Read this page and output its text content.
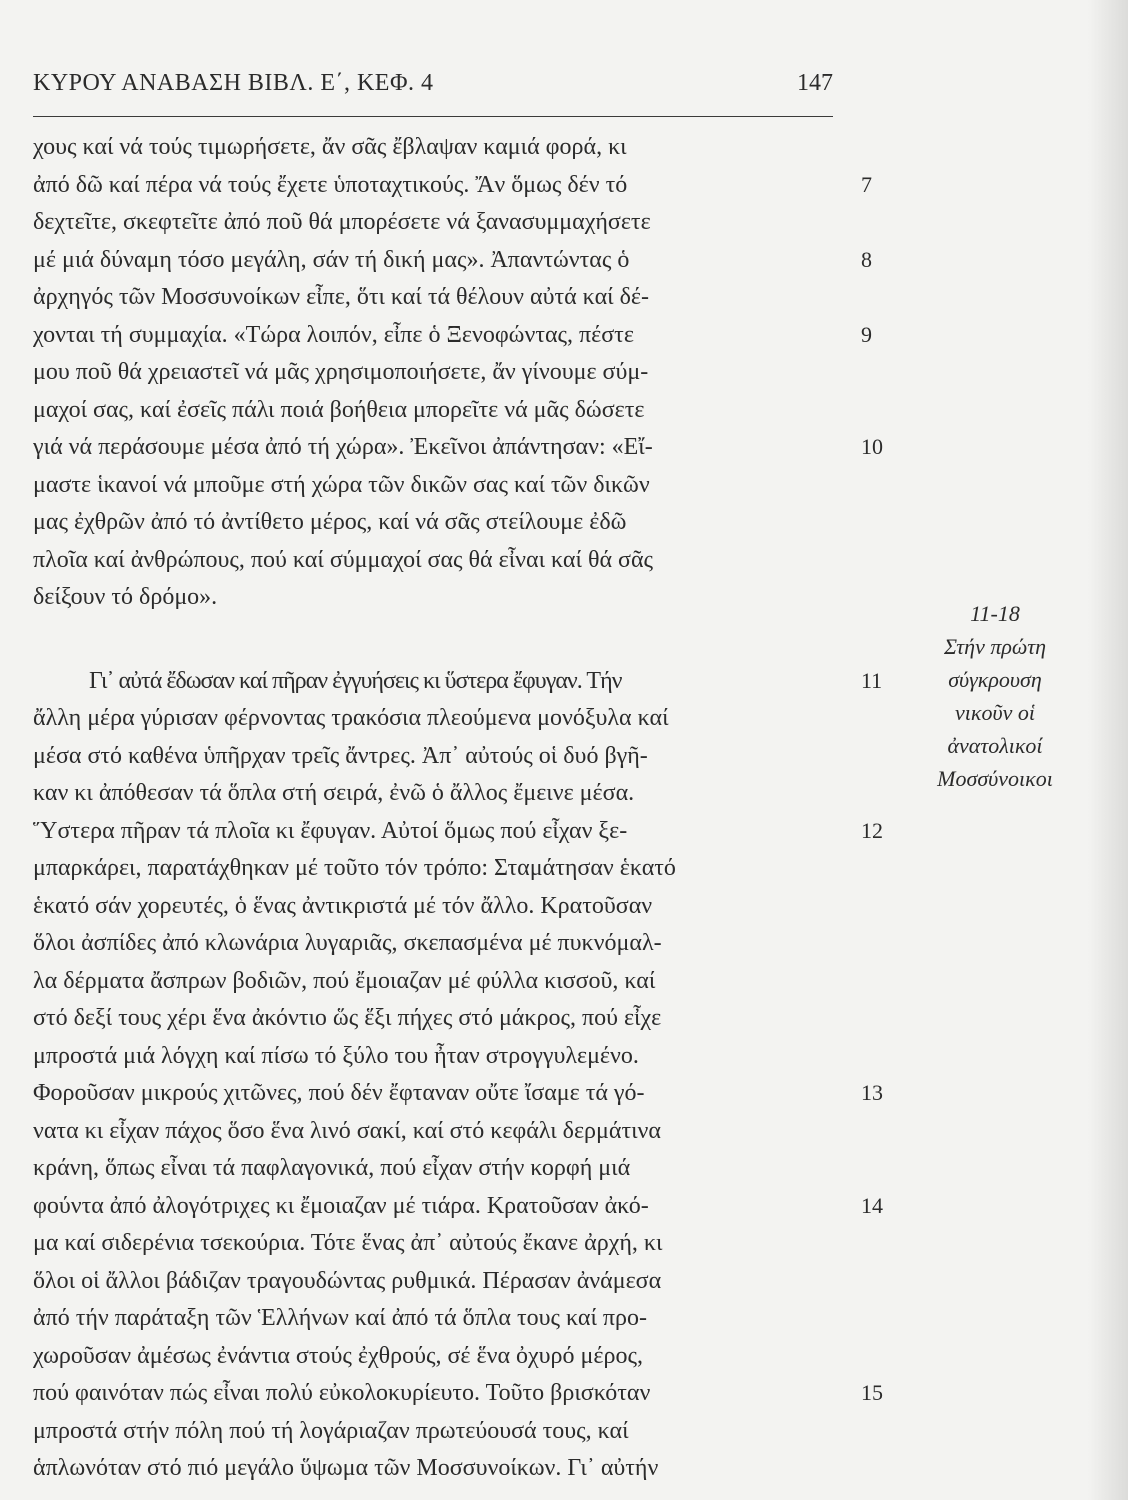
ΚΥΡΟΥ ΑΝΑΒΑΣΗ ΒΙΒΛ. Ε΄, ΚΕΦ. 4	147
χους καί νά τούς τιμωρήσετε, ἄν σᾶς ἔβλαψαν καμιά φορά, κι
ἀπό δῶ καί πέρα νά τούς ἔχετε ὑποταχτικούς. Ἄν ὅμως δέν τό
δεχτεῖτε, σκεφτεῖτε ἀπό ποῦ θά μπορέσετε νά ξανασυμμαχήσετε
μέ μιά δύναμη τόσο μεγάλη, σάν τή δική μας». Ἀπαντώντας ὁ
ἀρχηγός τῶν Μοσσυνοίκων εἶπε, ὅτι καί τά θέλουν αὐτά καί δέ-
χονται τή συμμαχία. «Τώρα λοιπόν, εἶπε ὁ Ξενοφώντας, πέστε
μου ποῦ θά χρειαστεῖ νά μᾶς χρησιμοποιήσετε, ἄν γίνουμε σύμ-
μαχοί σας, καί ἐσεῖς πάλι ποιά βοήθεια μπορεῖτε νά μᾶς δώσετε
γιά νά περάσουμε μέσα ἀπό τή χώρα». Ἐκεῖνοι ἀπάντησαν: «Εἴ-
μαστε ἱκανοί νά μποῦμε στή χώρα τῶν δικῶν σας καί τῶν δικῶν
μας ἐχθρῶν ἀπό τό ἀντίθετο μέρος, καί νά σᾶς στείλουμε ἐδῶ
πλοῖα καί ἀνθρώπους, πού καί σύμμαχοί σας θά εἶναι καί θά σᾶς
δείξουν τό δρόμο».
Γι᾿ αὐτά ἔδωσαν καί πῆραν ἐγγυήσεις κι ὕστερα ἔφυγαν. Τήν
ἄλλη μέρα γύρισαν φέρνοντας τρακόσια πλεούμενα μονόξυλα καί
μέσα στό καθένα ὑπῆρχαν τρεῖς ἄντρες. Ἀπ᾿ αὐτούς οἱ δυό βγῆ-
καν κι ἀπόθεσαν τά ὅπλα στή σειρά, ἐνῶ ὁ ἄλλος ἔμεινε μέσα.
Ὕστερα πῆραν τά πλοῖα κι ἔφυγαν. Αὐτοί ὅμως πού εἶχαν ξε-
μπαρκάρει, παρατάχθηκαν μέ τοῦτο τόν τρόπο: Σταμάτησαν ἑκατό
ἑκατό σάν χορευτές, ὁ ἕνας ἀντικριστά μέ τόν ἄλλο. Κρατοῦσαν
ὅλοι ἀσπίδες ἀπό κλωνάρια λυγαριᾶς, σκεπασμένα μέ πυκνόμαλ-
λα δέρματα ἄσπρων βοδιῶν, πού ἔμοιαζαν μέ φύλλα κισσοῦ, καί
στό δεξί τους χέρι ἕνα ἀκόντιο ὥς ἕξι πήχες στό μάκρος, πού εἶχε
μπροστά μιά λόγχη καί πίσω τό ξύλο του ἦταν στρογγυλεμένο.
Φοροῦσαν μικρούς χιτῶνες, πού δέν ἔφταναν οὔτε ἴσαμε τά γό-
νατα κι εἶχαν πάχος ὅσο ἕνα λινό σακί, καί στό κεφάλι δερμάτινα
κράνη, ὅπως εἶναι τά παφλαγονικά, πού εἶχαν στήν κορφή μιά
φούντα ἀπό ἀλογότριχες κι ἔμοιαζαν μέ τιάρα. Κρατοῦσαν ἀκό-
μα καί σιδερένια τσεκούρια. Τότε ἕνας ἀπ᾿ αὐτούς ἔκανε ἀρχή, κι
ὅλοι οἱ ἄλλοι βάδιζαν τραγουδώντας ρυθμικά. Πέρασαν ἀνάμεσα
ἀπό τήν παράταξη τῶν Ἑλλήνων καί ἀπό τά ὅπλα τους καί προ-
χωροῦσαν ἀμέσως ἐνάντια στούς ἐχθρούς, σέ ἕνα ὀχυρό μέρος,
πού φαινόταν πώς εἶναι πολύ εὐκολοκυρίευτο. Τοῦτο βρισκόταν
μπροστά στήν πόλη πού τή λογάριαζαν πρωτεύουσά τους, καί
ἁπλωνόταν στό πιό μεγάλο ὕψωμα τῶν Μοσσυνοίκων. Γι᾿ αὐτήν
7
8
9
10
11
12
13
14
15
11-18
Στήν πρώτη
σύγκρουση
νικοῦν οἱ
ἀνατολικοί
Μοσσύνοικοι
